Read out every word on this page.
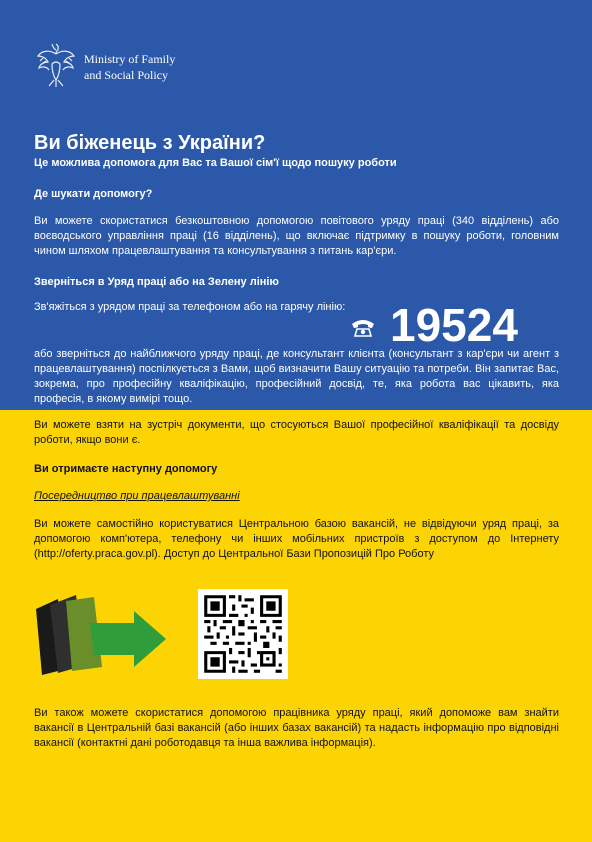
Ministry of Family
and Social Policy
Ви біженець з України?
Це можлива допомога для Вас та Вашої сім'ї щодо пошуку роботи
Де шукати допомогу?
Ви можете скористатися безкоштовною допомогою повітового уряду праці (340 відділень) або воєводського управління праці (16 відділень), що включає підтримку в пошуку роботи, головним чином шляхом працевлаштування та консультування з питань кар'єри.
Зверніться в Уряд праці або на Зелену лінію
Зв'яжіться з урядом праці за телефоном або на гарячу лінію: 19524
або зверніться до найближчого уряду праці, де консультант клієнта (консультант з кар'єри чи агент з працевлаштування) поспілкується з Вами, щоб визначити Вашу ситуацію та потреби. Він запитає Вас, зокрема, про професійну кваліфікацію, професійний досвід, те, яка робота вас цікавить, яка професія, в якому вимірі тощо.
Ви можете взяти на зустріч документи, що стосуються Вашої професійної кваліфікації та досвіду роботи, якщо вони є.
Ви отримаєте наступну допомогу
Посередництво при працевлаштуванні
Ви можете самостійно користуватися Центральною базою вакансій, не відвідуючи уряд праці, за допомогою комп'ютера, телефону чи інших мобільних пристроїв з доступом до Інтернету (http://oferty.praca.gov.pl). Доступ до Центральної Бази Пропозицій Про Роботу
Ви також можете скористатися допомогою працівника уряду праці, який допоможе вам знайти вакансії в Центральній базі вакансій (або інших базах вакансій) та надасть інформацію про відповідні вакансії (контактні дані роботодавця та інша важлива інформація).
